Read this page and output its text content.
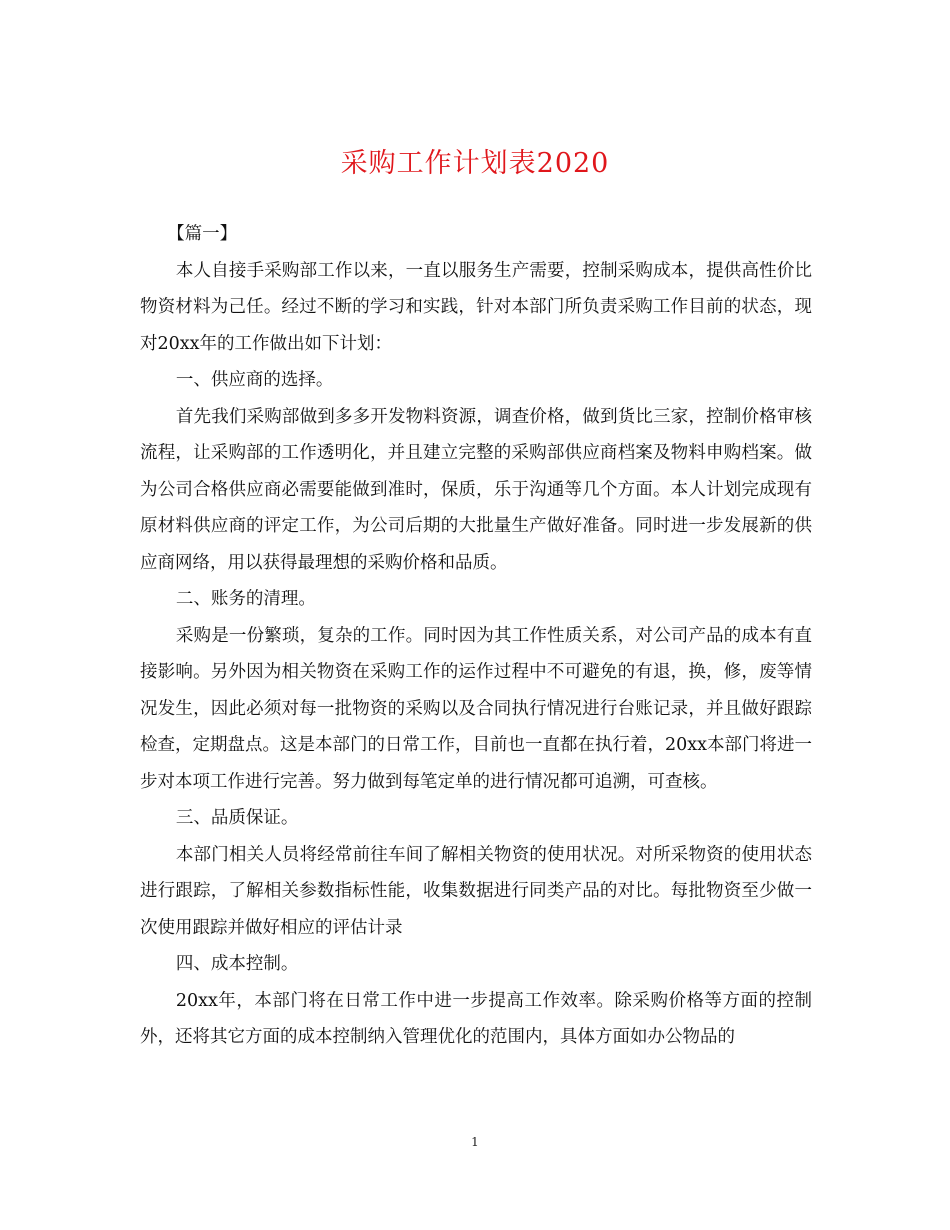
采购工作计划表2020

【篇一】

本人自接手采购部工作以来，一直以服务生产需要，控制采购成本，提供高性价比物资材料为己任。经过不断的学习和实践，针对本部门所负责采购工作目前的状态，现对20xx年的工作做出如下计划：

一、供应商的选择。

首先我们采购部做到多多开发物料资源，调查价格，做到货比三家，控制价格审核流程，让采购部的工作透明化，并且建立完整的采购部供应商档案及物料申购档案。做为公司合格供应商必需要能做到准时，保质，乐于沟通等几个方面。本人计划完成现有原材料供应商的评定工作，为公司后期的大批量生产做好准备。同时进一步发展新的供应商网络，用以获得最理想的采购价格和品质。

二、账务的清理。

采购是一份繁琐，复杂的工作。同时因为其工作性质关系，对公司产品的成本有直接影响。另外因为相关物资在采购工作的运作过程中不可避免的有退，换，修，废等情况发生，因此必须对每一批物资的采购以及合同执行情况进行台账记录，并且做好跟踪检查，定期盘点。这是本部门的日常工作，目前也一直都在执行着，20xx本部门将进一步对本项工作进行完善。努力做到每笔定单的进行情况都可追溯，可查核。

三、品质保证。

本部门相关人员将经常前往车间了解相关物资的使用状况。对所采物资的使用状态进行跟踪，了解相关参数指标性能，收集数据进行同类产品的对比。每批物资至少做一次使用跟踪并做好相应的评估计录

四、成本控制。

20xx年，本部门将在日常工作中进一步提高工作效率。除采购价格等方面的控制外，还将其它方面的成本控制纳入管理优化的范围内，具体方面如办公物品的

1
